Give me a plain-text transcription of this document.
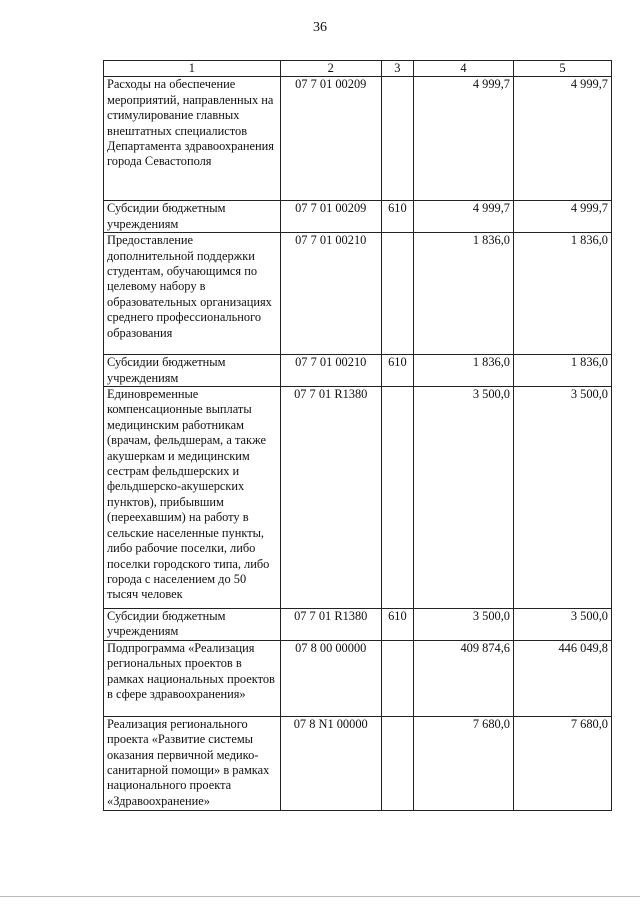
36
1	2	3	4	5
Расходы на обеспечение мероприятий, направленных на стимулирование главных внештатных специалистов Департамента здравоохранения города Севастополя	07 7 01 00209		4 999,7	4 999,7
Субсидии бюджетным учреждениям	07 7 01 00209	610	4 999,7	4 999,7
Предоставление дополнительной поддержки студентам, обучающимся по целевому набору в образовательных организациях среднего профессионального образования	07 7 01 00210		1 836,0	1 836,0
Субсидии бюджетным учреждениям	07 7 01 00210	610	1 836,0	1 836,0
Единовременные компенсационные выплаты медицинским работникам (врачам, фельдшерам, а также акушеркам и медицинским сестрам фельдшерских и фельдшерско-акушерских пунктов), прибывшим (переехавшим) на работу в сельские населенные пункты, либо рабочие поселки, либо поселки городского типа, либо города с населением до 50 тысяч человек	07 7 01 R1380		3 500,0	3 500,0
Субсидии бюджетным учреждениям	07 7 01 R1380	610	3 500,0	3 500,0
Подпрограмма «Реализация региональных проектов в рамках национальных проектов в сфере здравоохранения»	07 8 00 00000		409 874,6	446 049,8
Реализация регионального проекта «Развитие системы оказания первичной медико-санитарной помощи» в рамках национального проекта «Здравоохранение»	07 8 N1 00000		7 680,0	7 680,0
